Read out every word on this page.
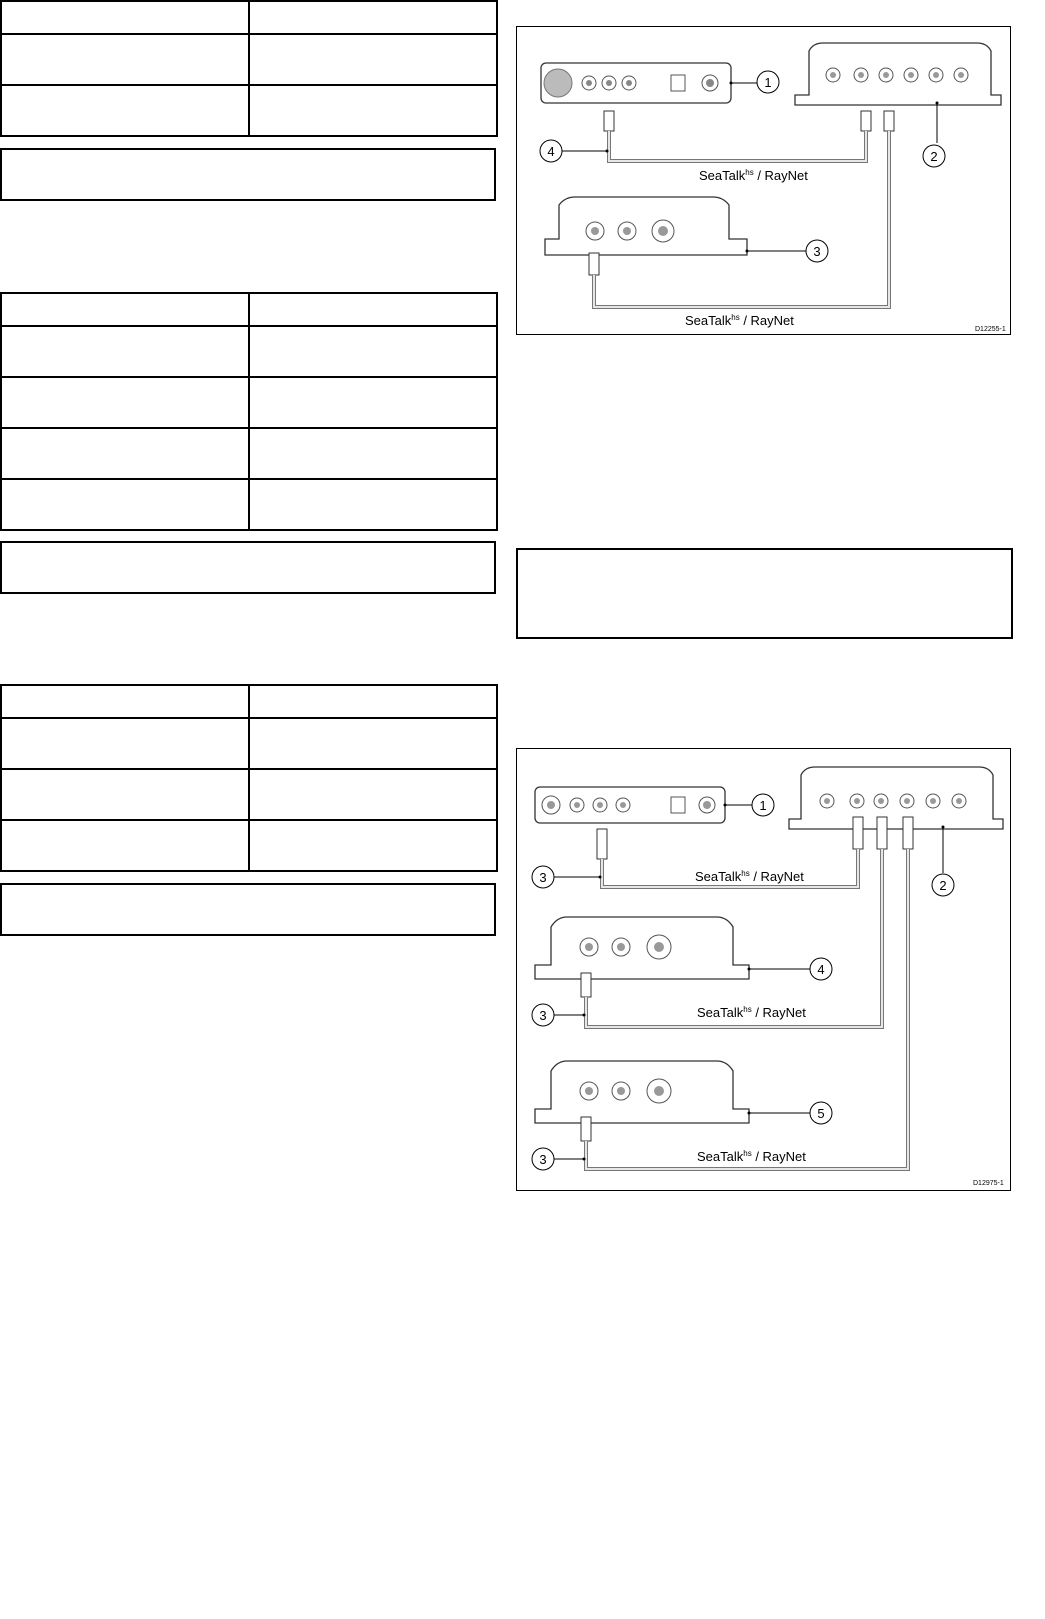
SeaTalk$^{hs}$ / RayNet
SeaTalk$^{hs}$ / RayNet
1
2
3
4
D12255-1
SeaTalk$^{hs}$ / RayNet
SeaTalk$^{hs}$ / RayNet
SeaTalk$^{hs}$ / RayNet
1
2
3
3
3
4
5
D12975-1
